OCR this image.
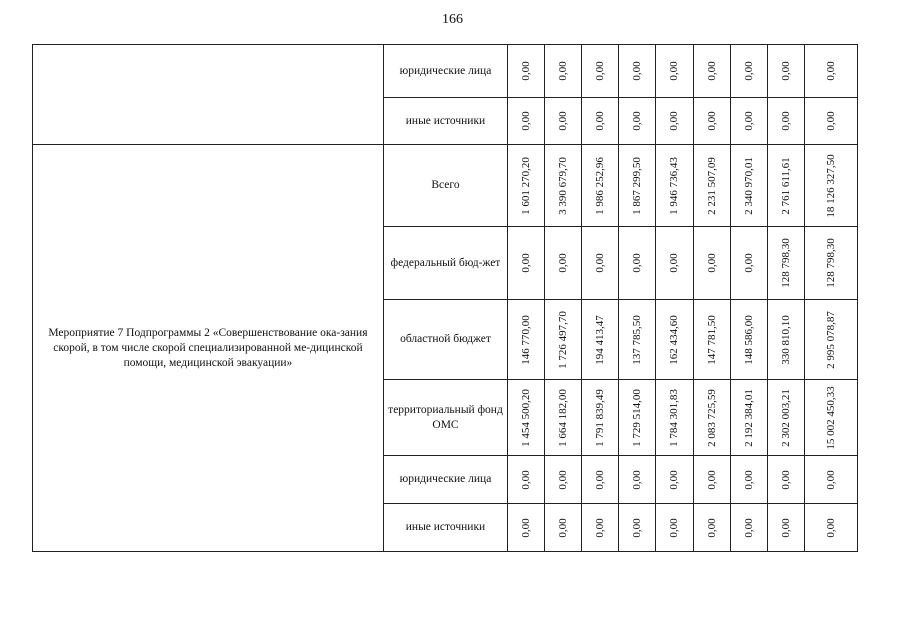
166
	юридические лица	0,00	0,00	0,00	0,00	0,00	0,00	0,00	0,00	0,00

	иные источники	0,00	0,00	0,00	0,00	0,00	0,00	0,00	0,00	0,00

Мероприятие 7 Подпрограммы 2 «Совершенствование ока-зания скорой, в том числе скорой специализированной ме-дицинской помощи, медицинской эвакуации»	Всего	1 601 270,20	3 390 679,70	1 986 252,96	1 867 299,50	1 946 736,43	2 231 507,09	2 340 970,01	2 761 611,61	18 126 327,50

	федеральный бюд-жет	0,00	0,00	0,00	0,00	0,00	0,00	0,00	128 798,30	128 798,30

	областной бюджет	146 770,00	1 726 497,70	194 413,47	137 785,50	162 434,60	147 781,50	148 586,00	330 810,10	2 995 078,87

	территориальный фонд ОМС	1 454 500,20	1 664 182,00	1 791 839,49	1 729 514,00	1 784 301,83	2 083 725,59	2 192 384,01	2 302 003,21	15 002 450,33

	юридические лица	0,00	0,00	0,00	0,00	0,00	0,00	0,00	0,00	0,00

	иные источники	0,00	0,00	0,00	0,00	0,00	0,00	0,00	0,00	0,00
